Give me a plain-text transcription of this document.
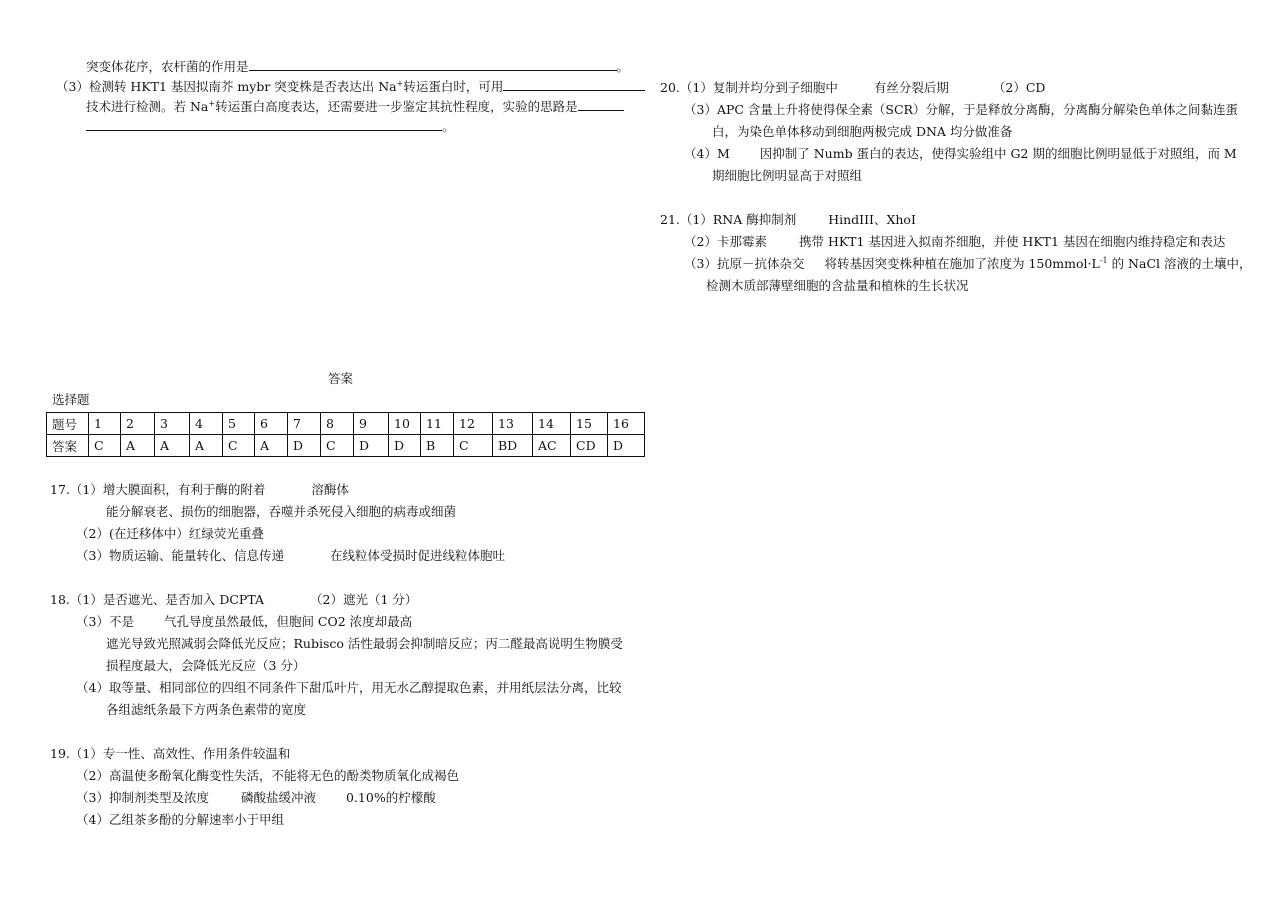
突变体花序，农杆菌的作用是	。
（3）检测转 HKT1 基因拟南芥 mybr 突变株是否表达出 Na+转运蛋白时，可用
技术进行检测。若 Na+转运蛋白高度表达，还需要进一步鉴定其抗性程度，实验的思路是
。
答案
选择题
题号	1	2	3	4	5	6	7	8	9	10	11	12	13	14	15	16
答案	C	A	A	A	C	A	D	C	D	D	B	C	BD	AC	CD	D
17.（1）增大膜面积，有利于酶的附着	溶酶体
能分解衰老、损伤的细胞器，吞噬并杀死侵入细胞的病毒或细菌
（2）(在迁移体中）红绿荧光重叠
（3）物质运输、能量转化、信息传递	在线粒体受损时促进线粒体胞吐
18.（1）是否遮光、是否加入 DCPTA	（2）遮光（1 分）
（3）不是 气孔导度虽然最低，但胞间 CO2 浓度却最高
遮光导致光照减弱会降低光反应；Rubisco 活性最弱会抑制暗反应；丙二醛最高说明生物膜受
损程度最大，会降低光反应（3 分）
（4）取等量、相同部位的四组不同条件下甜瓜叶片，用无水乙醇提取色素，并用纸层法分离，比较
各组滤纸条最下方两条色素带的宽度
19.（1）专一性、高效性、作用条件较温和
（2）高温使多酚氧化酶变性失活，不能将无色的酚类物质氧化成褐色
（3）抑制剂类型及浓度	磷酸盐缓冲液 0.10%的柠檬酸
（4）乙组茶多酚的分解速率小于甲组
20.（1）复制并均分到子细胞中	有丝分裂后期	（2）CD
（3）APC 含量上升将使得保全素（SCR）分解，于是释放分离酶，分离酶分解染色单体之间黏连蛋
白，为染色单体移动到细胞两极完成 DNA 均分做准备
（4）M 因抑制了 Numb 蛋白的表达，使得实验组中 G2 期的细胞比例明显低于对照组，而 M
期细胞比例明显高于对照组
21.（1）RNA 酶抑制剂	HindIII、XhoI
（2）卡那霉素	携带 HKT1 基因进入拟南芥细胞，并使 HKT1 基因在细胞内维持稳定和表达
（3）抗原－抗体杂交 将转基因突变株种植在施加了浓度为 $150mmol\cdot L^{-1}$ 的 NaCl 溶液的土壤中，
检测木质部薄壁细胞的含盐量和植株的生长状况
